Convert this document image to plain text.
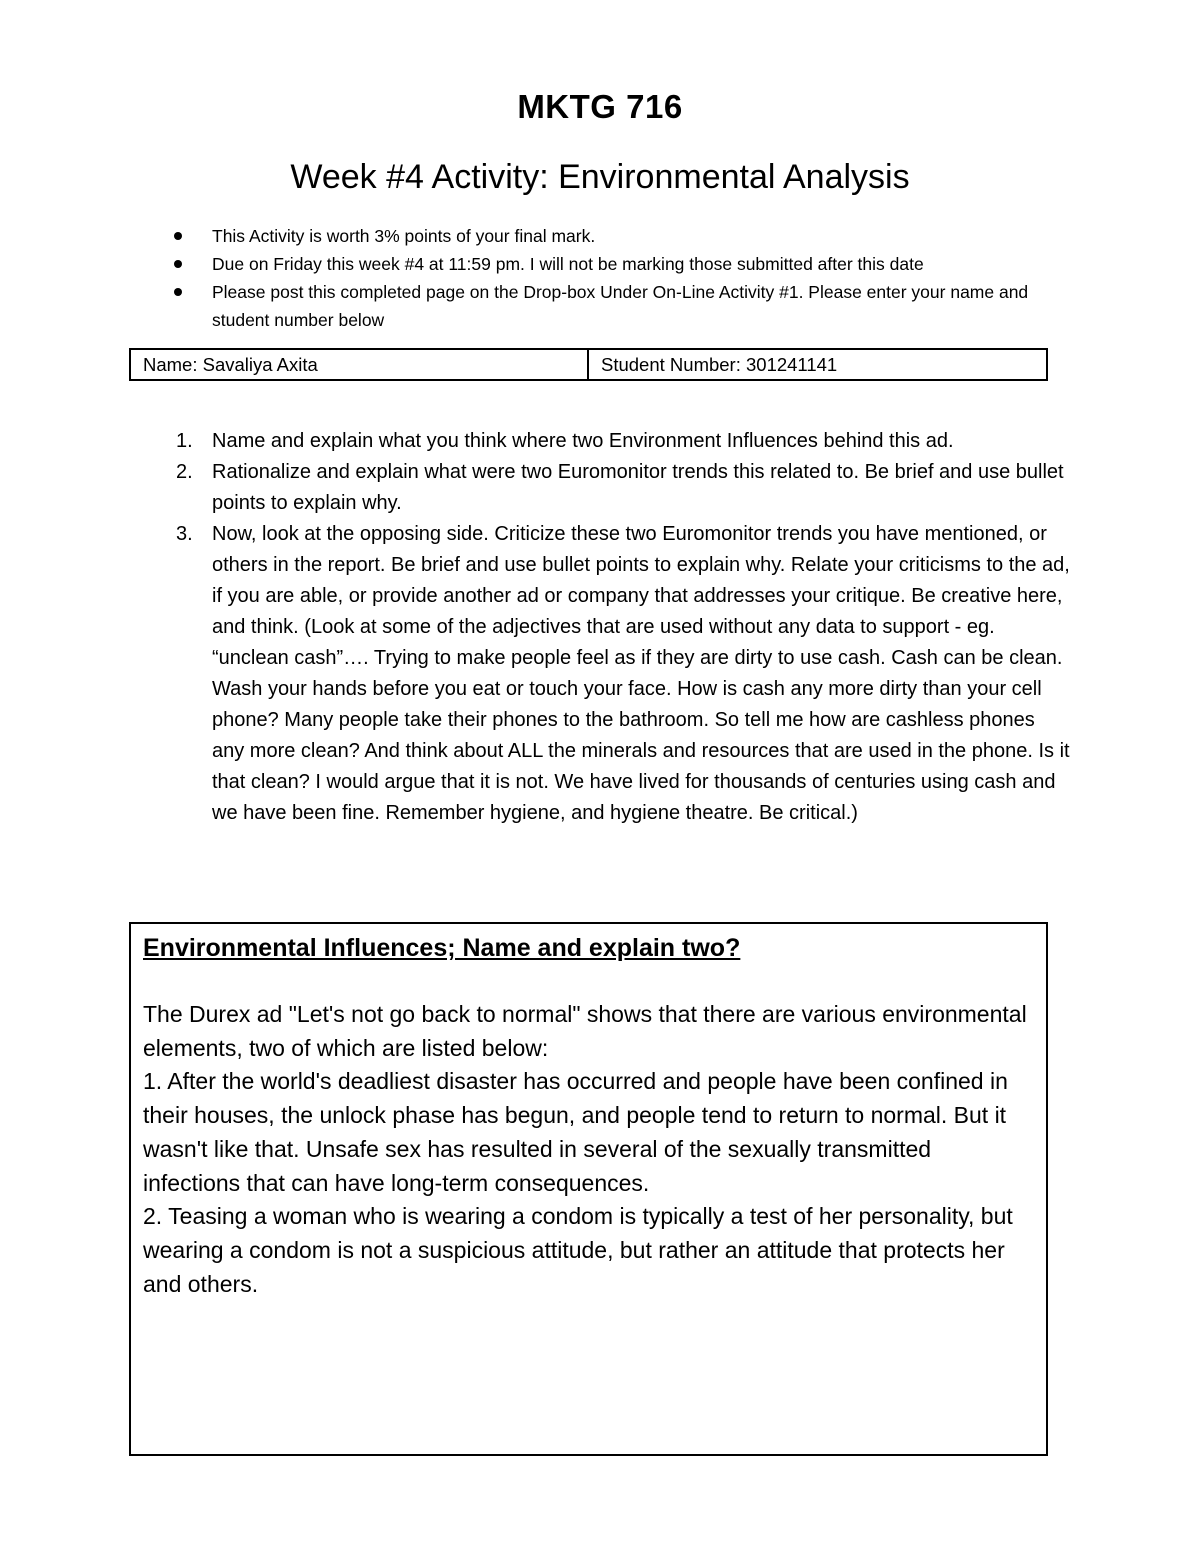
MKTG 716
Week #4 Activity: Environmental Analysis
This Activity is worth 3% points of your final mark.
Due on Friday this week #4 at 11:59 pm. I will not be marking those submitted after this date
Please post this completed page on the Drop-box Under On-Line Activity #1. Please enter your name and student number below
Name: Savaliya Axita	Student Number: 301241141
1. Name and explain what you think where two Environment Influences behind this ad.
2. Rationalize and explain what were two Euromonitor trends this related to. Be brief and use bullet points to explain why.
3. Now, look at the opposing side. Criticize these two Euromonitor trends you have mentioned, or others in the report. Be brief and use bullet points to explain why. Relate your criticisms to the ad, if you are able, or provide another ad or company that addresses your critique. Be creative here, and think. (Look at some of the adjectives that are used without any data to support - eg. “unclean cash”…. Trying to make people feel as if they are dirty to use cash. Cash can be clean. Wash your hands before you eat or touch your face. How is cash any more dirty than your cell phone? Many people take their phones to the bathroom. So tell me how are cashless phones any more clean? And think about ALL the minerals and resources that are used in the phone. Is it that clean? I would argue that it is not. We have lived for thousands of centuries using cash and we have been fine. Remember hygiene, and hygiene theatre. Be critical.)
Environmental Influences; Name and explain two?

The Durex ad "Let's not go back to normal" shows that there are various environmental elements, two of which are listed below:

1. After the world's deadliest disaster has occurred and people have been confined in their houses, the unlock phase has begun, and people tend to return to normal. But it wasn't like that. Unsafe sex has resulted in several of the sexually transmitted infections that can have long-term consequences.

2. Teasing a woman who is wearing a condom is typically a test of her personality, but wearing a condom is not a suspicious attitude, but rather an attitude that protects her and others.
